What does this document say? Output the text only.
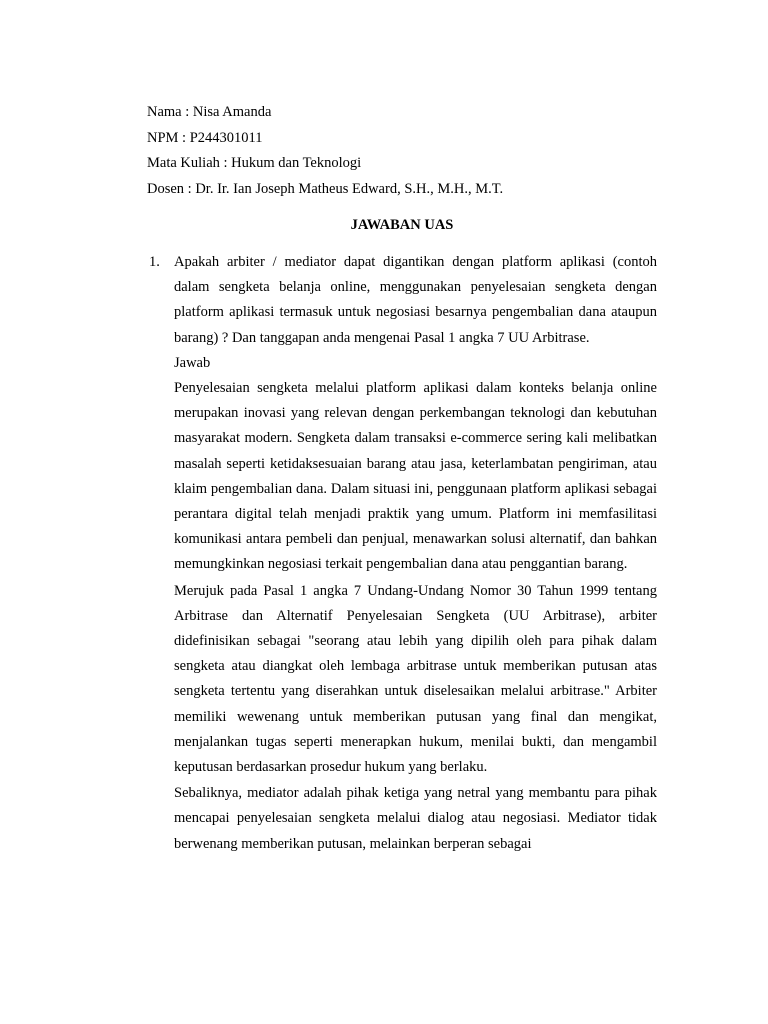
Nama : Nisa Amanda

NPM : P244301011

Mata Kuliah : Hukum dan Teknologi

Dosen : Dr. Ir. Ian Joseph Matheus Edward, S.H., M.H., M.T.

JAWABAN UAS

1. Apakah arbiter / mediator dapat digantikan dengan platform aplikasi (contoh dalam sengketa belanja online, menggunakan penyelesaian sengketa dengan platform aplikasi termasuk untuk negosiasi besarnya pengembalian dana ataupun barang) ? Dan tanggapan anda mengenai Pasal 1 angka 7 UU Arbitrase.

Jawab

Penyelesaian sengketa melalui platform aplikasi dalam konteks belanja online merupakan inovasi yang relevan dengan perkembangan teknologi dan kebutuhan masyarakat modern. Sengketa dalam transaksi e-commerce sering kali melibatkan masalah seperti ketidaksesuaian barang atau jasa, keterlambatan pengiriman, atau klaim pengembalian dana. Dalam situasi ini, penggunaan platform aplikasi sebagai perantara digital telah menjadi praktik yang umum. Platform ini memfasilitasi komunikasi antara pembeli dan penjual, menawarkan solusi alternatif, dan bahkan memungkinkan negosiasi terkait pengembalian dana atau penggantian barang.

Merujuk pada Pasal 1 angka 7 Undang-Undang Nomor 30 Tahun 1999 tentang Arbitrase dan Alternatif Penyelesaian Sengketa (UU Arbitrase), arbiter didefinisikan sebagai "seorang atau lebih yang dipilih oleh para pihak dalam sengketa atau diangkat oleh lembaga arbitrase untuk memberikan putusan atas sengketa tertentu yang diserahkan untuk diselesaikan melalui arbitrase." Arbiter memiliki wewenang untuk memberikan putusan yang final dan mengikat, menjalankan tugas seperti menerapkan hukum, menilai bukti, dan mengambil keputusan berdasarkan prosedur hukum yang berlaku.

Sebaliknya, mediator adalah pihak ketiga yang netral yang membantu para pihak mencapai penyelesaian sengketa melalui dialog atau negosiasi. Mediator tidak berwenang memberikan putusan, melainkan berperan sebagai
